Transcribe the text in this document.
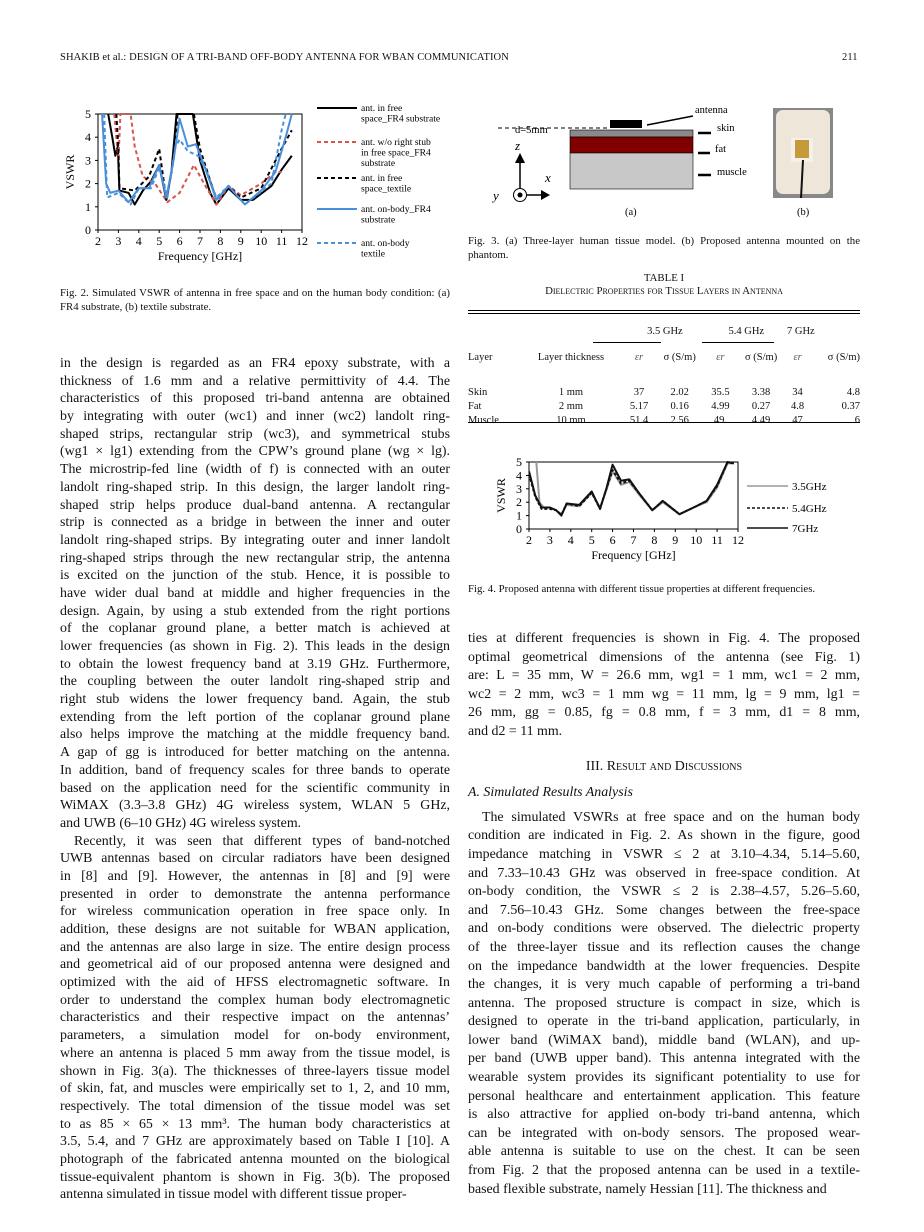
SHAKIB et al.: DESIGN OF A TRI-BAND OFF-BODY ANTENNA FOR WBAN COMMUNICATION	211
2 3 4 5 6 7 8 9 10 11 12
0
1
2
3
4
5
Frequency [GHz]
VSWR
ant. in free space_FR4 substrate
ant. w/o right stub in free space_FR4 substrate
ant. in free space_textile
ant. on-body_FR4 substrate
ant. on-body textile
Fig. 2. Simulated VSWR of antenna in free space and on the human body condition: (a) FR4 substrate, (b) textile substrate.
d=5mm
antenna
skin
fat
muscle
z
x
y
(a)	(b)
Fig. 3. (a) Three-layer human tissue model. (b) Proposed antenna mounted on the phantom.
TABLE I
Dielectric Properties for Tissue Layers in Antenna
		3.5 GHz		5.4 GHz		7 GHz	
Layer	Layer thickness	εr	σ (S/m)	εr	σ (S/m)	εr	σ (S/m)
Skin	1 mm	37	2.02	35.5	3.38	34	4.8
Fat	2 mm	5.17	0.16	4.99	0.27	4.8	0.37
Muscle	10 mm	51.4	2.56	49.	4.49	47	6
2 3 4 5 6 7 8 9 10 11 12
0
1
2
3
4
5
Frequency [GHz]
VSWR	3.5GHz
5.4GHz
7GHz
Fig. 4. Proposed antenna with different tissue properties at different frequencies.
in the design is regarded as an FR4 epoxy substrate, with a
thickness of 1.6 mm and a relative permittivity of 4.4. The
characteristics of this proposed tri-band antenna are obtained
by integrating with outer (wc1) and inner (wc2) landolt ring-
shaped strips, rectangular strip (wc3), and symmetrical stubs
(wg1 × lg1) extending from the CPW’s ground plane (wg × lg).
The microstrip-fed line (width of f) is connected with an outer
landolt ring-shaped strip. In this design, the larger landolt ring-
shaped strip helps produce dual-band antenna. A rectangular
strip is connected as a bridge in between the inner and outer
landolt ring-shaped strips. By integrating outer and inner landolt
ring-shaped strips through the new rectangular strip, the antenna
is excited on the junction of the stub. Hence, it is possible to
have wider dual band at middle and higher frequencies in the
design. Again, by using a stub extended from the right portions
of the coplanar ground plane, a better match is achieved at
lower frequencies (as shown in Fig. 2). This leads in the design
to obtain the lowest frequency band at 3.19 GHz. Furthermore,
the coupling between the outer landolt ring-shaped strip and
right stub widens the lower frequency band. Again, the stub
extending from the left portion of the coplanar ground plane
also helps improve the matching at the middle frequency band.
A gap of gg is introduced for better matching on the antenna.
In addition, band of frequency scales for three bands to operate
based on the application need for the scientific community in
WiMAX (3.3–3.8 GHz) 4G wireless system, WLAN 5 GHz,
and UWB (6–10 GHz) 4G wireless system.
Recently, it was seen that different types of band-notched
UWB antennas based on circular radiators have been designed
in [8] and [9]. However, the antennas in [8] and [9] were
presented in order to demonstrate the antenna performance
for wireless communication operation in free space only. In
addition, these designs are not suitable for WBAN application,
and the antennas are also large in size. The entire design process
and geometrical aid of our proposed antenna were designed and
optimized with the aid of HFSS electromagnetic software. In
order to understand the complex human body electromagnetic
characteristics and their respective impact on the antennas’
parameters, a simulation model for on-body environment,
where an antenna is placed 5 mm away from the tissue model, is
shown in Fig. 3(a). The thicknesses of three-layers tissue model
of skin, fat, and muscles were empirically set to 1, 2, and 10 mm,
respectively. The total dimension of the tissue model was set
to as 85 × 65 × 13 mm³. The human body characteristics at
3.5, 5.4, and 7 GHz are approximately based on Table I [10]. A
photograph of the fabricated antenna mounted on the biological
tissue-equivalent phantom is shown in Fig. 3(b). The proposed
antenna simulated in tissue model with different tissue proper-
ties at different frequencies is shown in Fig. 4. The proposed
optimal geometrical dimensions of the antenna (see Fig. 1)
are: L = 35 mm, W = 26.6 mm, wg1 = 1 mm, wc1 = 2 mm,
wc2 = 2 mm, wc3 = 1 mm wg = 11 mm, lg = 9 mm, lg1 =
26 mm, gg = 0.85, fg = 0.8 mm, f = 3 mm, d1 = 8 mm,
and d2 = 11 mm.
III. Result and Discussions
A. Simulated Results Analysis
The simulated VSWRs at free space and on the human body
condition are indicated in Fig. 2. As shown in the figure, good
impedance matching in VSWR ≤ 2 at 3.10–4.34, 5.14–5.60,
and 7.33–10.43 GHz was observed in free-space condition. At
on-body condition, the VSWR ≤ 2 is 2.38–4.57, 5.26–5.60,
and 7.56–10.43 GHz. Some changes between the free-space
and on-body conditions were observed. The dielectric property
of the three-layer tissue and its reflection causes the change
on the impedance bandwidth at the lower frequencies. Despite
the changes, it is very much capable of performing a tri-band
antenna. The proposed structure is compact in size, which is
designed to operate in the tri-band application, particularly, in
lower band (WiMAX band), middle band (WLAN), and up-
per band (UWB upper band). This antenna integrated with the
wearable system provides its significant potentiality to use for
personal healthcare and entertainment application. This feature
is also attractive for applied on-body tri-band antenna, which
can be integrated with on-body sensors. The proposed wear-
able antenna is suitable to use on the chest. It can be seen
from Fig. 2 that the proposed antenna can be used in a textile-
based flexible substrate, namely Hessian [11]. The thickness and
